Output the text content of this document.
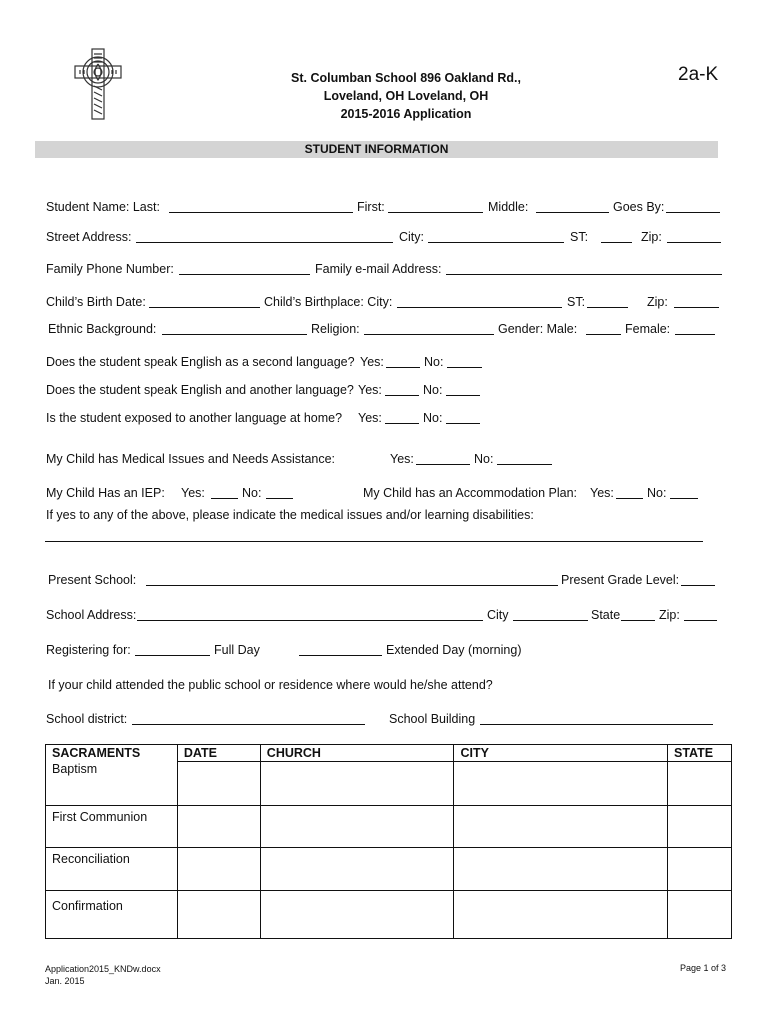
St. Columban School 896 Oakland Rd.,
Loveland, OH Loveland, OH
2015-2016 Application
2a-K
STUDENT INFORMATION
Student Name: Last:	First:	Middle:	Goes By:
Street Address:	City:	ST:	Zip:
Family Phone Number:	Family e-mail Address:
Child’s Birth Date:	Child’s Birthplace: City:	ST:	Zip:
Ethnic Background:	Religion:	Gender: Male:	Female:
Does the student speak English as a second language? Yes:	No:
Does the student speak English and another language? Yes:	No:
Is the student exposed to another language at home? Yes:	No:
My Child has Medical Issues and Needs Assistance:	Yes:	No:
My Child Has an IEP: Yes:	No:	My Child has an Accommodation Plan: Yes:	No:
If yes to any of the above, please indicate the medical issues and/or learning disabilities:
Present School:	Present Grade Level:
School Address:	City	State	Zip:
Registering for:	Full Day	Extended Day (morning)
If your child attended the public school or residence where would he/she attend?
School district:	School Building
SACRAMENTS	DATE	CHURCH	CITY	STATE
Baptism				
First Communion				
Reconciliation				
Confirmation				
Application2015_KNDw.docx
Jan. 2015
Page 1 of 3
